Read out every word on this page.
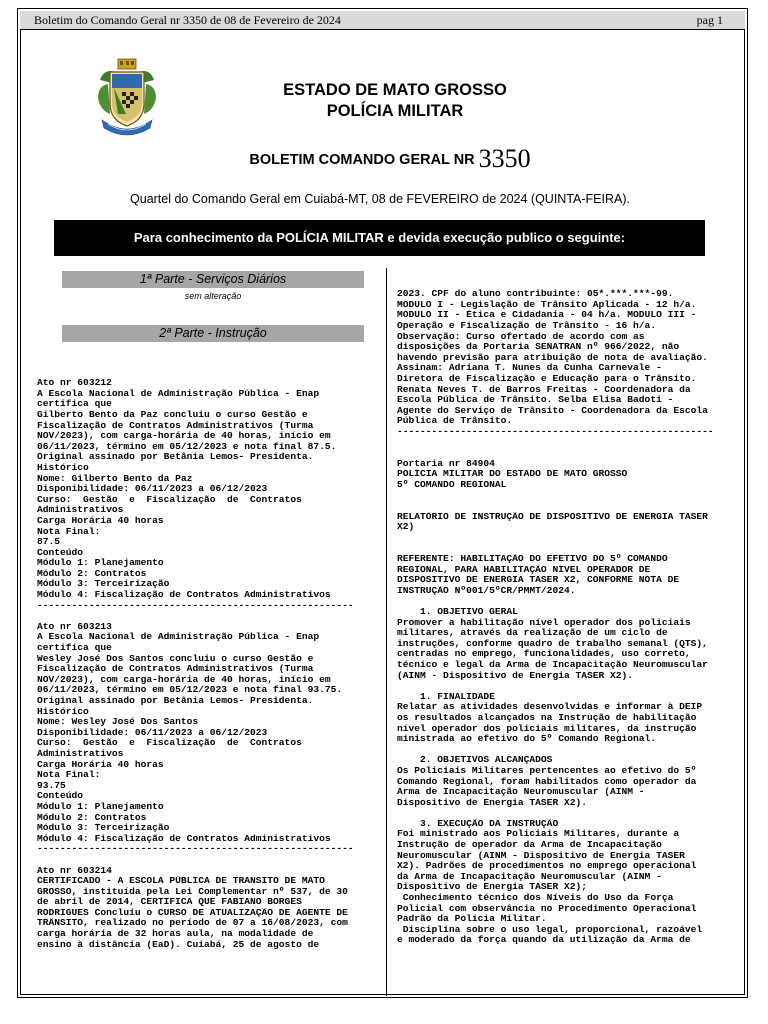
Boletim do Comando Geral nr 3350 de 08 de Fevereiro de 2024	pag 1
ESTADO DE MATO GROSSO
POLÍCIA MILITAR
BOLETIM COMANDO GERAL NR 3350
Quartel do Comando Geral em Cuiabá-MT, 08 de FEVEREIRO de 2024 (QUINTA-FEIRA).
Para conhecimento da POLÍCIA MILITAR e devida execução publico o seguinte:
1ª Parte - Serviços Diários
sem alteração
2ª Parte - Instrução

Ato nr 603212
A Escola Nacional de Administração Pública - Enap
certifica que
Gilberto Bento da Paz concluiu o curso Gestão e
Fiscalização de Contratos Administrativos (Turma
NOV/2023), com carga-horária de 40 horas, início em
06/11/2023, término em 05/12/2023 e nota final 87.5.
Original assinado por Betânia Lemos- Presidenta.
Histórico
Nome: Gilberto Bento da Paz
Disponibilidade: 06/11/2023 a 06/12/2023
Curso:  Gestão  e  Fiscalização  de  Contratos
Administrativos
Carga Horária 40 horas
Nota Final:
87.5
Conteúdo
Módulo 1: Planejamento
Módulo 2: Contratos
Módulo 3: Terceirização
Módulo 4: Fiscalização de Contratos Administrativos
-------------------------------------------------------

Ato nr 603213
A Escola Nacional de Administração Pública - Enap
certifica que
Wesley José Dos Santos concluiu o curso Gestão e
Fiscalização de Contratos Administrativos (Turma
NOV/2023), com carga-horária de 40 horas, início em
06/11/2023, término em 05/12/2023 e nota final 93.75.
Original assinado por Betânia Lemos- Presidenta.
Histórico
Nome: Wesley José Dos Santos
Disponibilidade: 06/11/2023 a 06/12/2023
Curso:  Gestão  e  Fiscalização  de  Contratos
Administrativos
Carga Horária 40 horas
Nota Final:
93.75
Conteúdo
Módulo 1: Planejamento
Módulo 2: Contratos
Módulo 3: Terceirização
Módulo 4: Fiscalização de Contratos Administrativos
-------------------------------------------------------

Ato nr 603214
CERTIFICADO - A ESCOLA PÚBLICA DE TRANSITO DE MATO
GROSSO, instituída pela Lei Complementar nº 537, de 30
de abril de 2014, CERTIFICA QUE FABIANO BORGES
RODRIGUES Concluiu o CURSO DE ATUALIZAÇÃO DE AGENTE DE
TRÂNSITO, realizado no período de 07 a 16/08/2023, com
carga horária de 32 horas aula, na modalidade de
ensino à distância (EaD). Cuiabá, 25 de agosto de

2023. CPF do aluno contribuinte: 05*.***.***-99.
MODULO I - Legislação de Trânsito Aplicada - 12 h/a.
MODULO II - Ética e Cidadania - 04 h/a. MODULO III -
Operação e Fiscalização de Trânsito - 16 h/a.
Observação: Curso ofertado de acordo com as
disposições da Portaria SENATRAN nº 966/2022, não
havendo previsão para atribuição de nota de avaliação.
Assinam: Adriana T. Nunes da Cunha Carnevale -
Diretora de Fiscalização e Educação para o Trânsito.
Renata Neves T. de Barros Freitas - Coordenadora da
Escola Pública de Trânsito. Selba Elisa Badoti -
Agente do Serviço de Trânsito - Coordenadora da Escola
Pública de Trânsito.
-------------------------------------------------------

Portaria nr 84904
POLÍCIA MILITAR DO ESTADO DE MATO GROSSO
5º COMANDO REGIONAL

RELATÓRIO DE INSTRUÇÃO DE DISPOSITIVO DE ENERGIA TASER
X2)

REFERENTE: HABILITAÇÃO DO EFETIVO DO 5º COMANDO
REGIONAL, PARA HABILITAÇÃO NÍVEL OPERADOR DE
DISPOSITIVO DE ENERGIA TASER X2, CONFORME NOTA DE
INSTRUÇÃO Nº001/5ºCR/PMMT/2024.

1. OBJETIVO GERAL
Promover a habilitação nível operador dos policiais
militares, através da realização de um ciclo de
instruções, conforme quadro de trabalho semanal (QTS),
centradas no emprego, funcionalidades, uso correto,
técnico e legal da Arma de Incapacitação Neuromuscular
(AINM - Dispositivo de Energia TASER X2).

1. FINALIDADE
Relatar as atividades desenvolvidas e informar à DEIP
os resultados alcançados na Instrução de habilitação
nível operador dos policiais militares, da instrução
ministrada ao efetivo do 5º Comando Regional.

2. OBJETIVOS ALCANÇADOS
Os Policiais Militares pertencentes ao efetivo do 5º
Comando Regional, foram habilitados como operador da
Arma de Incapacitação Neuromuscular (AINM -
Dispositivo de Energia TASER X2).

3. EXECUÇÃO DA INSTRUÇÃO
Foi ministrado aos Policiais Militares, durante a
Instrução de operador da Arma de Incapacitação
Neuromuscular (AINM - Dispositivo de Energia TASER
X2). Padrões de procedimentos no emprego operacional
da Arma de Incapacitação Neuromuscular (AINM -
Dispositivo de Energia TASER X2);
Conhecimento técnico dos Níveis do Uso da Força
Policial com observância no Procedimento Operacional
Padrão da Polícia Militar.
Disciplina sobre o uso legal, proporcional, razoável
e moderado da força quando da utilização da Arma de
